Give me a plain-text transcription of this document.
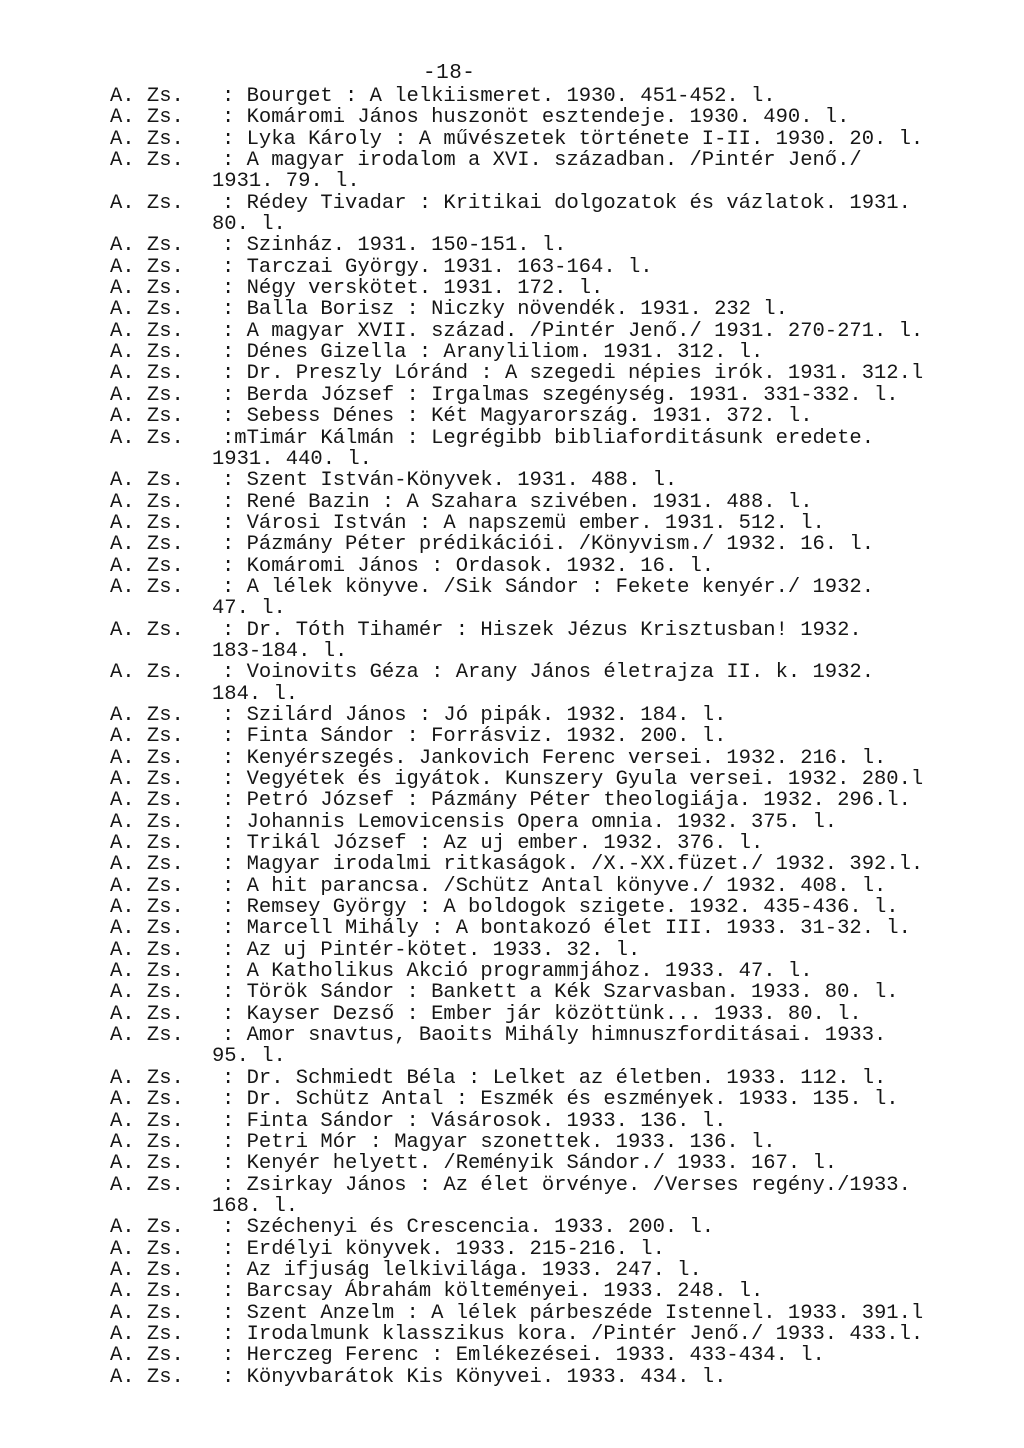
-18-
A. Zs.	: Bourget : A lelkiismeret. 1930. 451-452. l.
A. Zs.	: Komáromi János huszonöt esztendeje. 1930. 490. l.
A. Zs.	: Lyka Károly : A művészetek története I-II. 1930. 20. l.
A. Zs.	: A magyar irodalom a XVI. században. /Pintér Jenő./
1931. 79. l.
A. Zs.	: Rédey Tivadar : Kritikai dolgozatok és vázlatok. 1931.
80. l.
A. Zs.	: Szinház. 1931. 150-151. l.
A. Zs.	: Tarczai György. 1931. 163-164. l.
A. Zs.	: Négy verskötet. 1931. 172. l.
A. Zs.	: Balla Borisz : Niczky növendék. 1931. 232 l.
A. Zs.	: A magyar XVII. század. /Pintér Jenő./ 1931. 270-271. l.
A. Zs.	: Dénes Gizella : Aranyliliom. 1931. 312. l.
A. Zs.	: Dr. Preszly Lóránd : A szegedi népies irók. 1931. 312.l
A. Zs.	: Berda József : Irgalmas szegénység. 1931. 331-332. l.
A. Zs.	: Sebess Dénes : Két Magyarország. 1931. 372. l.
A. Zs.	:mTimár Kálmán : Legrégibb bibliaforditásunk eredete.
1931. 440. l.
A. Zs.	: Szent István-Könyvek. 1931. 488. l.
A. Zs.	: René Bazin : A Szahara szivében. 1931. 488. l.
A. Zs.	: Városi István : A napszemü ember. 1931. 512. l.
A. Zs.	: Pázmány Péter prédikációi. /Könyvism./ 1932. 16. l.
A. Zs.	: Komáromi János : Ordasok. 1932. 16. l.
A. Zs.	: A lélek könyve. /Sik Sándor : Fekete kenyér./ 1932.
47. l.
A. Zs.	: Dr. Tóth Tihamér : Hiszek Jézus Krisztusban! 1932.
183-184. l.
A. Zs.	: Voinovits Géza : Arany János életrajza II. k. 1932.
184. l.
A. Zs.	: Szilárd János : Jó pipák. 1932. 184. l.
A. Zs.	: Finta Sándor : Forrásviz. 1932. 200. l.
A. Zs.	: Kenyérszegés. Jankovich Ferenc versei. 1932. 216. l.
A. Zs.	: Vegyétek és igyátok. Kunszery Gyula versei. 1932. 280.l
A. Zs.	: Petró József : Pázmány Péter theologiája. 1932. 296.l.
A. Zs.	: Johannis Lemovicensis Opera omnia. 1932. 375. l.
A. Zs.	: Trikál József : Az uj ember. 1932. 376. l.
A. Zs.	: Magyar irodalmi ritkaságok. /X.-XX.füzet./ 1932. 392.l.
A. Zs.	: A hit parancsa. /Schütz Antal könyve./ 1932. 408. l.
A. Zs.	: Remsey György : A boldogok szigete. 1932. 435-436. l.
A. Zs.	: Marcell Mihály : A bontakozó élet III. 1933. 31-32. l.
A. Zs.	: Az uj Pintér-kötet. 1933. 32. l.
A. Zs.	: A Katholikus Akció programmjához. 1933. 47. l.
A. Zs.	: Török Sándor : Bankett a Kék Szarvasban. 1933. 80. l.
A. Zs.	: Kayser Dezső : Ember jár közöttünk... 1933. 80. l.
A. Zs.	: Amor snavtus, Baoits Mihály himnuszforditásai. 1933.
95. l.
A. Zs.	: Dr. Schmiedt Béla : Lelket az életben. 1933. 112. l.
A. Zs.	: Dr. Schütz Antal : Eszmék és eszmények. 1933. 135. l.
A. Zs.	: Finta Sándor : Vásárosok. 1933. 136. l.
A. Zs.	: Petri Mór : Magyar szonettek. 1933. 136. l.
A. Zs.	: Kenyér helyett. /Reményik Sándor./ 1933. 167. l.
A. Zs.	: Zsirkay János : Az élet örvénye. /Verses regény./1933.
168. l.
A. Zs.	: Széchenyi és Crescencia. 1933. 200. l.
A. Zs.	: Erdélyi könyvek. 1933. 215-216. l.
A. Zs.	: Az ifjuság lelkivilága. 1933. 247. l.
A. Zs.	: Barcsay Ábrahám költeményei. 1933. 248. l.
A. Zs.	: Szent Anzelm : A lélek párbeszéde Istennel. 1933. 391.l
A. Zs.	: Irodalmunk klasszikus kora. /Pintér Jenő./ 1933. 433.l.
A. Zs.	: Herczeg Ferenc : Emlékezései. 1933. 433-434. l.
A. Zs.	: Könyvbarátok Kis Könyvei. 1933. 434. l.
